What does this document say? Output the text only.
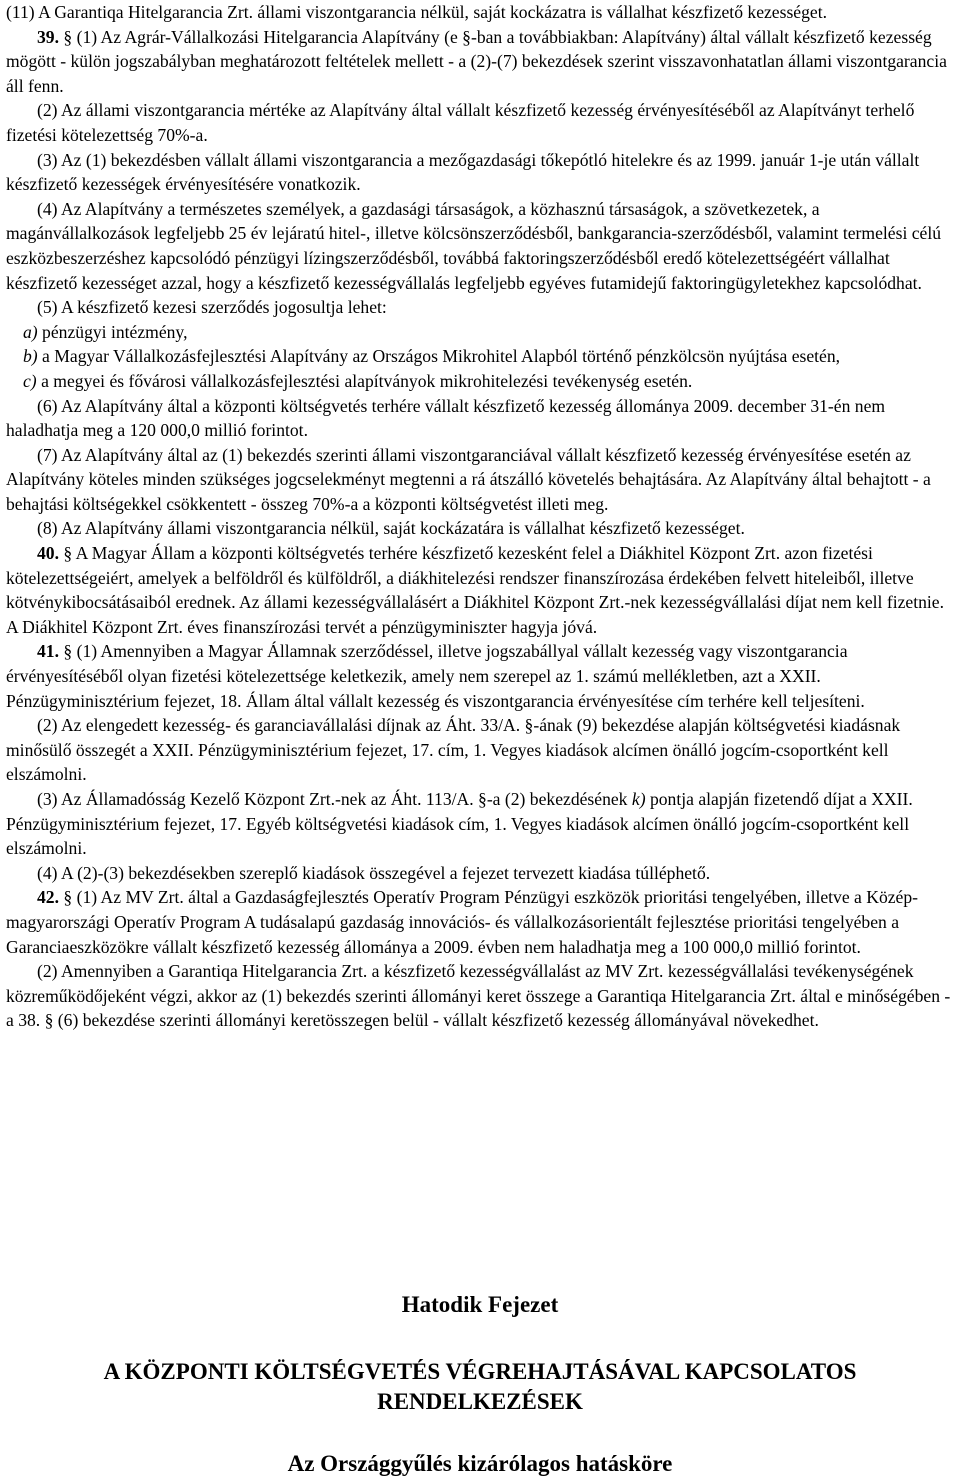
(11) A Garantiqa Hitelgarancia Zrt. állami viszontgarancia nélkül, saját kockázatra is vállalhat készfizető kezességet.

39. § (1) Az Agrár-Vállalkozási Hitelgarancia Alapítvány (e §-ban a továbbiakban: Alapítvány) által vállalt készfizető kezesség mögött - külön jogszabályban meghatározott feltételek mellett - a (2)-(7) bekezdések szerint visszavonhatatlan állami viszontgarancia áll fenn.

(2) Az állami viszontgarancia mértéke az Alapítvány által vállalt készfizető kezesség érvényesítéséből az Alapítványt terhelő fizetési kötelezettség 70%-a.

(3) Az (1) bekezdésben vállalt állami viszontgarancia a mezőgazdasági tőkepótló hitelekre és az 1999. január 1-je után vállalt készfizető kezességek érvényesítésére vonatkozik.

(4) Az Alapítvány a természetes személyek, a gazdasági társaságok, a közhasznú társaságok, a szövetkezetek, a magánvállalkozások legfeljebb 25 év lejáratú hitel-, illetve kölcsönszerződésből, bankgarancia-szerződésből, valamint termelési célú eszközbeszerzéshez kapcsolódó pénzügyi lízingszerződésből, továbbá faktoringszerződésből eredő kötelezettségéért vállalhat készfizető kezességet azzal, hogy a készfizető kezességvállalás legfeljebb egyéves futamidejű faktoringügyletekhez kapcsolódhat.

(5) A készfizető kezesi szerződés jogosultja lehet:

a) pénzügyi intézmény,

b) a Magyar Vállalkozásfejlesztési Alapítvány az Országos Mikrohitel Alapból történő pénzkölcsön nyújtása esetén,

c) a megyei és fővárosi vállalkozásfejlesztési alapítványok mikrohitelezési tevékenység esetén.

(6) Az Alapítvány által a központi költségvetés terhére vállalt készfizető kezesség állománya 2009. december 31-én nem haladhatja meg a 120 000,0 millió forintot.

(7) Az Alapítvány által az (1) bekezdés szerinti állami viszontgaranciával vállalt készfizető kezesség érvényesítése esetén az Alapítvány köteles minden szükséges jogcselekményt megtenni a rá átszálló követelés behajtására. Az Alapítvány által behajtott - a behajtási költségekkel csökkentett - összeg 70%-a a központi költségvetést illeti meg.

(8) Az Alapítvány állami viszontgarancia nélkül, saját kockázatára is vállalhat készfizető kezességet.

40. § A Magyar Állam a központi költségvetés terhére készfizető kezesként felel a Diákhitel Központ Zrt. azon fizetési kötelezettségeiért, amelyek a belföldről és külföldről, a diákhitelezési rendszer finanszírozása érdekében felvett hiteleiből, illetve kötvénykibocsátásaiból erednek. Az állami kezességvállalásért a Diákhitel Központ Zrt.-nek kezességvállalási díjat nem kell fizetnie. A Diákhitel Központ Zrt. éves finanszírozási tervét a pénzügyminiszter hagyja jóvá.

41. § (1) Amennyiben a Magyar Államnak szerződéssel, illetve jogszabállyal vállalt kezesség vagy viszontgarancia érvényesítéséből olyan fizetési kötelezettsége keletkezik, amely nem szerepel az 1. számú mellékletben, azt a XXII. Pénzügyminisztérium fejezet, 18. Állam által vállalt kezesség és viszontgarancia érvényesítése cím terhére kell teljesíteni.

(2) Az elengedett kezesség- és garanciavállalási díjnak az Áht. 33/A. §-ának (9) bekezdése alapján költségvetési kiadásnak minősülő összegét a XXII. Pénzügyminisztérium fejezet, 17. cím, 1. Vegyes kiadások alcímen önálló jogcím-csoportként kell elszámolni.

(3) Az Államadósság Kezelő Központ Zrt.-nek az Áht. 113/A. §-a (2) bekezdésének k) pontja alapján fizetendő díjat a XXII. Pénzügyminisztérium fejezet, 17. Egyéb költségvetési kiadások cím, 1. Vegyes kiadások alcímen önálló jogcím-csoportként kell elszámolni.

(4) A (2)-(3) bekezdésekben szereplő kiadások összegével a fejezet tervezett kiadása túlléphető.

42. § (1) Az MV Zrt. által a Gazdaságfejlesztés Operatív Program Pénzügyi eszközök prioritási tengelyében, illetve a Közép-magyarországi Operatív Program A tudásalapú gazdaság innovációs- és vállalkozásorientált fejlesztése prioritási tengelyében a Garanciaeszközökre vállalt készfizető kezesség állománya a 2009. évben nem haladhatja meg a 100 000,0 millió forintot.

(2) Amennyiben a Garantiqa Hitelgarancia Zrt. a készfizető kezességvállalást az MV Zrt. kezességvállalási tevékenységének közreműködőjeként végzi, akkor az (1) bekezdés szerinti állományi keret összege a Garantiqa Hitelgarancia Zrt. által e minőségében - a 38. § (6) bekezdése szerinti állományi keretösszegen belül - vállalt készfizető kezesség állományával növekedhet.

Hatodik Fejezet
A KÖZPONTI KÖLTSÉGVETÉS VÉGREHAJTÁSÁVAL KAPCSOLATOS RENDELKEZÉSEK
Az Országgyűlés kizárólagos hatásköre
